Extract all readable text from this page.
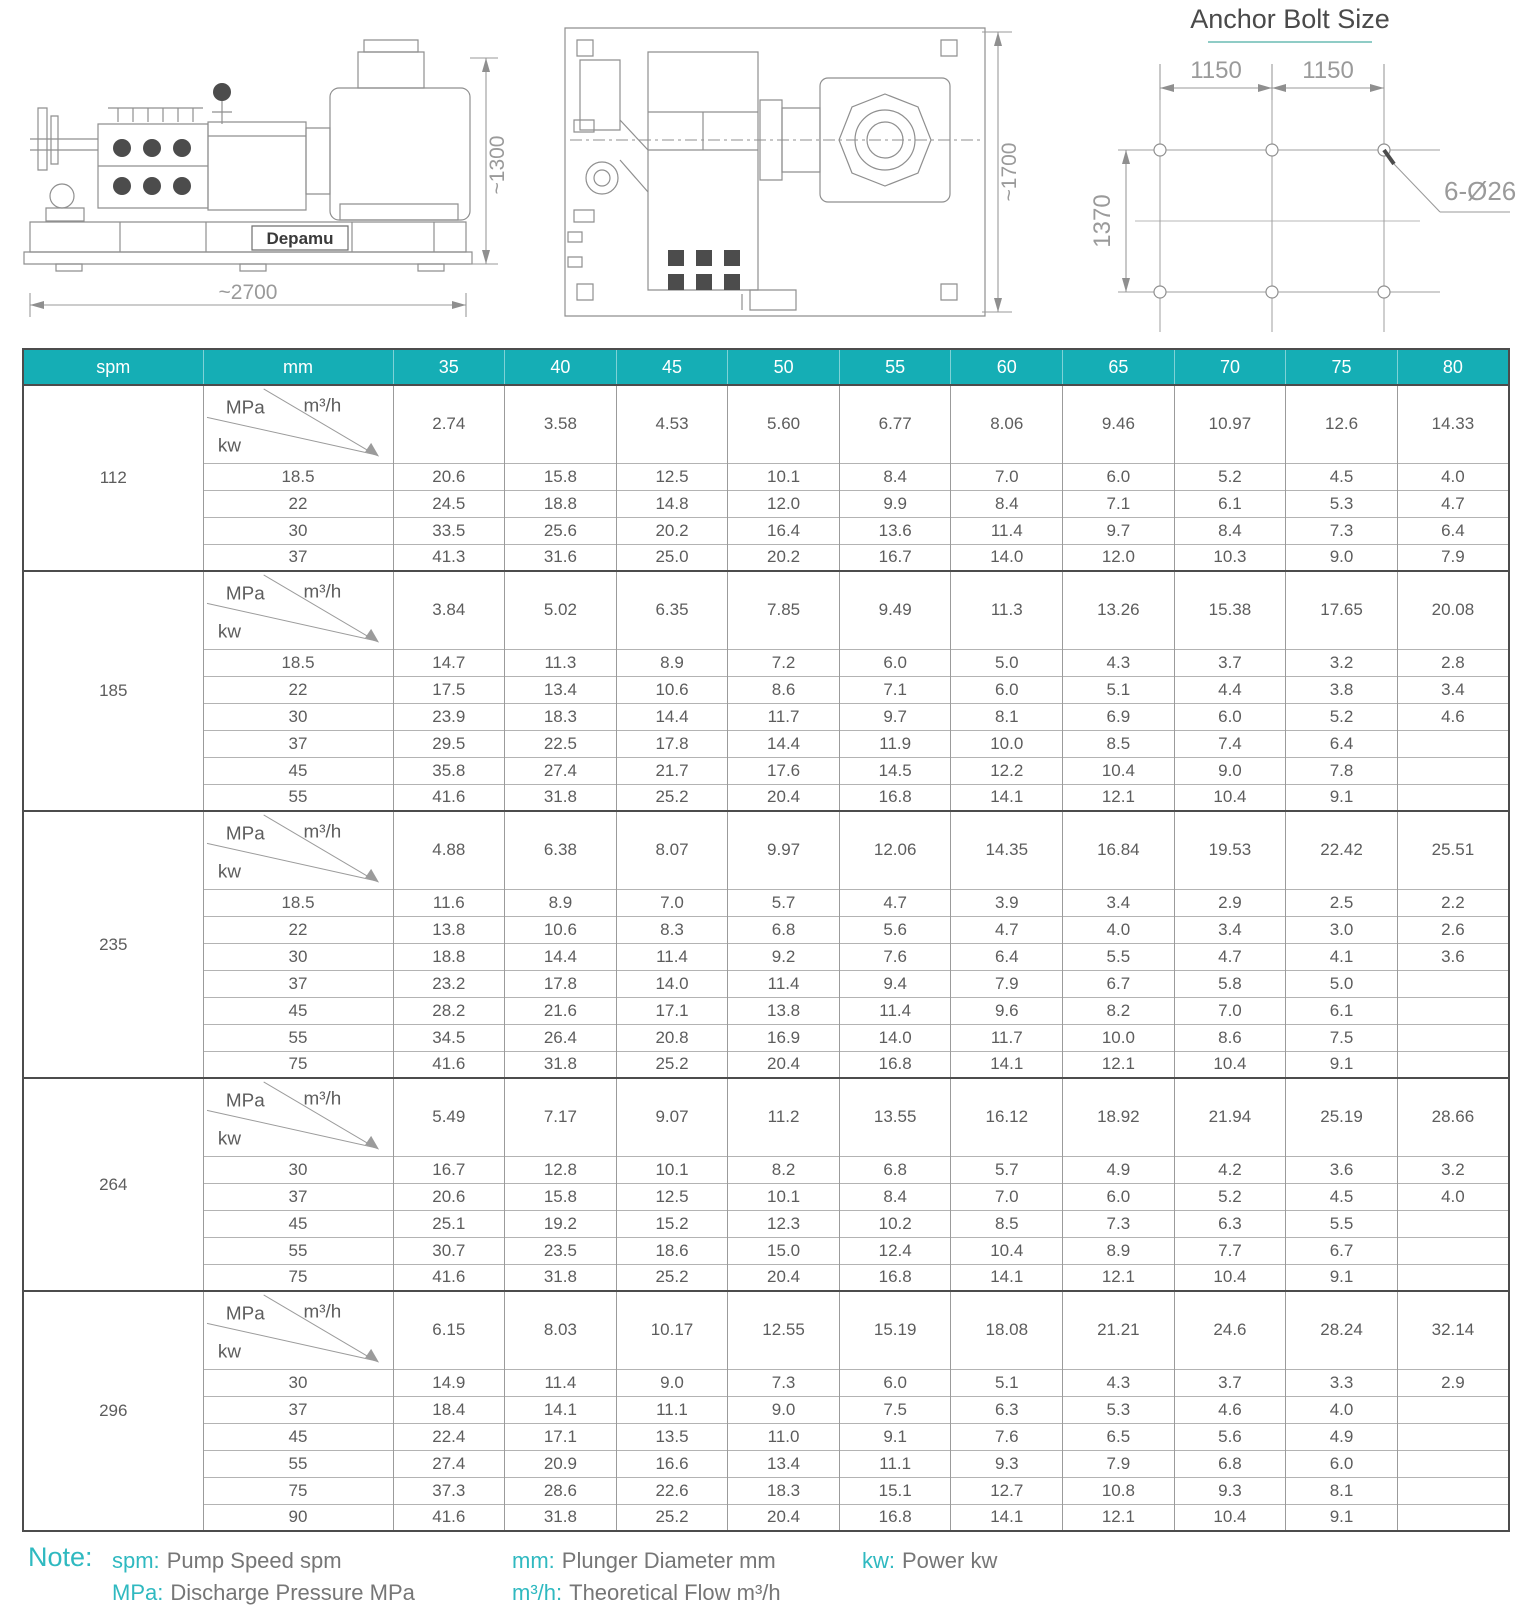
Depamu
~2700
~1300	~1700
Anchor Bolt Size
1150	1150
1370
6-Ø26
spm	mm	35	40	45	50	55	60	65	70	75	80
112	MPa m³/h
kw	2.74	3.58	4.53	5.60	6.77	8.06	9.46	10.97	12.6	14.33
	18.5	20.6	15.8	12.5	10.1	8.4	7.0	6.0	5.2	4.5	4.0
	22	24.5	18.8	14.8	12.0	9.9	8.4	7.1	6.1	5.3	4.7
	30	33.5	25.6	20.2	16.4	13.6	11.4	9.7	8.4	7.3	6.4
	37	41.3	31.6	25.0	20.2	16.7	14.0	12.0	10.3	9.0	7.9
185	MPa m³/h
kw	3.84	5.02	6.35	7.85	9.49	11.3	13.26	15.38	17.65	20.08
	18.5	14.7	11.3	8.9	7.2	6.0	5.0	4.3	3.7	3.2	2.8
	22	17.5	13.4	10.6	8.6	7.1	6.0	5.1	4.4	3.8	3.4
	30	23.9	18.3	14.4	11.7	9.7	8.1	6.9	6.0	5.2	4.6
	37	29.5	22.5	17.8	14.4	11.9	10.0	8.5	7.4	6.4	
	45	35.8	27.4	21.7	17.6	14.5	12.2	10.4	9.0	7.8	
	55	41.6	31.8	25.2	20.4	16.8	14.1	12.1	10.4	9.1	
235	MPa m³/h
kw	4.88	6.38	8.07	9.97	12.06	14.35	16.84	19.53	22.42	25.51
	18.5	11.6	8.9	7.0	5.7	4.7	3.9	3.4	2.9	2.5	2.2
	22	13.8	10.6	8.3	6.8	5.6	4.7	4.0	3.4	3.0	2.6
	30	18.8	14.4	11.4	9.2	7.6	6.4	5.5	4.7	4.1	3.6
	37	23.2	17.8	14.0	11.4	9.4	7.9	6.7	5.8	5.0	
	45	28.2	21.6	17.1	13.8	11.4	9.6	8.2	7.0	6.1	
	55	34.5	26.4	20.8	16.9	14.0	11.7	10.0	8.6	7.5	
	75	41.6	31.8	25.2	20.4	16.8	14.1	12.1	10.4	9.1	
264	MPa m³/h
kw	5.49	7.17	9.07	11.2	13.55	16.12	18.92	21.94	25.19	28.66
	30	16.7	12.8	10.1	8.2	6.8	5.7	4.9	4.2	3.6	3.2
	37	20.6	15.8	12.5	10.1	8.4	7.0	6.0	5.2	4.5	4.0
	45	25.1	19.2	15.2	12.3	10.2	8.5	7.3	6.3	5.5	
	55	30.7	23.5	18.6	15.0	12.4	10.4	8.9	7.7	6.7	
	75	41.6	31.8	25.2	20.4	16.8	14.1	12.1	10.4	9.1	
296	MPa m³/h
kw	6.15	8.03	10.17	12.55	15.19	18.08	21.21	24.6	28.24	32.14
	30	14.9	11.4	9.0	7.3	6.0	5.1	4.3	3.7	3.3	2.9
	37	18.4	14.1	11.1	9.0	7.5	6.3	5.3	4.6	4.0	
	45	22.4	17.1	13.5	11.0	9.1	7.6	6.5	5.6	4.9	
	55	27.4	20.9	16.6	13.4	11.1	9.3	7.9	6.8	6.0	
	75	37.3	28.6	22.6	18.3	15.1	12.7	10.8	9.3	8.1	
	90	41.6	31.8	25.2	20.4	16.8	14.1	12.1	10.4	9.1	
Note: spm: Pump Speed spm	mm: Plunger Diameter mm	kw: Power kw
MPa: Discharge Pressure MPa	m³/h: Theoretical Flow m³/h
